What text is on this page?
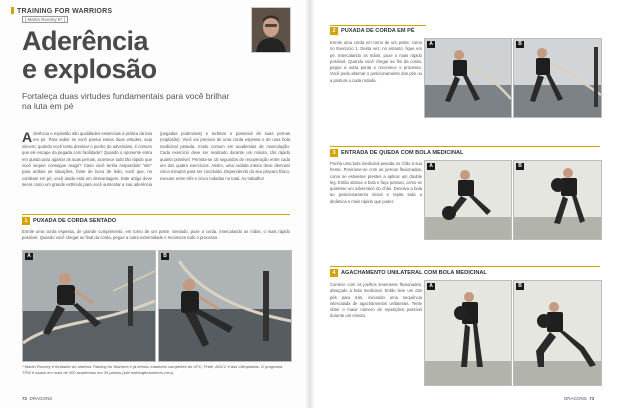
TRAINING FOR WARRIORS
[ Martin Rooney E* ]
Aderência
e explosão
Fortaleça duas virtudes fundamentais para você brilhar na luta em pé
Aderência e explosão são qualidades essenciais à prática da luta em pé. Para saber se você possui essas duas virtudes, seja sincero: quando você tenta dominar o punho do adversário, é comum que ele escape da pegada com facilidade? Quando o oponente entra em queda para agarrar as suas pernas, acontece tudo tão rápido que você sequer consegue reagir? Caso você tenha respondido "sim" para ambas as situações, fonte de boca de leão, você que, no combate em pé, você ainda está em desvantagem. Este artigo deve servir como um grande estímulo para você aumentar a sua aderência (pegadas poderosas) e turbinar o potencial de suas pernas (explosão). Você vai precisar de uma corda espessa e de uma bola medicinal pesada, muito comum em academias de musculação. Cada exercício deve ser realizado durante um minuto, tão rápido quanto possível. Permita-se 15 segundos de recuperação entre cada um dos quatro exercícios. Assim, uma rodada inteira deve demorar cinco minutos para ser concluída. Dependendo do seu preparo físico, execute entre três e cinco rodadas no total. Ao trabalho!
1 PUXADA DE CORDA SENTADO
Enrole uma corda espessa, de grande comprimento, em torno de um poste. Sentado, puxe a corda, intercalando as mãos, o mais rápido possível. Quando você chegar ao final da corda, pegue a outra extremidade e recomece todo o processo.
A	B
* Martin Rooney é fundador do sistema Training for Warriors e já treinou lutadores campeões do UFC, Pride, ADCC e das Olimpíadas. O programa TFW é usado em mais de 300 academias em 26 países (site trainingforwarriors.com).
72 DRAGONS
2 PUXADA DE CORDA EM PÉ
Enrole uma corda em torno de um poste, como no Exercício 1. Desta vez, no entanto, fique em pé. Intercalando as mãos, puxe o mais rápido possível. Quando você chegar ao fim da corda, pegue a outra ponta e recomece o processo. Você pode alternar o posicionamento dos pés ou a postura a cada rodada.
A	B
3 ENTRADA DE QUEDA COM BOLA MEDICINAL
Ponha uma bola medicinal pesada no chão à sua frente. Posicione-se com as pernas flexionadas, como se estivesse prestes a aplicar um double leg. Então abrace a bola e faça postura, como se quisesse um adversário do chão. Devolva a bola ao posicionamento inicial e repita toda a dinâmica o mais rápido que puder.
A	B
4 AGACHAMENTO UNILATERAL COM BOLA MEDICINAL
Comece com os joelhos levemente flexionados, abraçado à bola medicinal. Então leve um dos pés para trás, iniciando uma sequência intercalada de agachamentos unilaterais. Tente obter o maior número de repetições possível durante um minuto.
A	B
DRAGONS 73
